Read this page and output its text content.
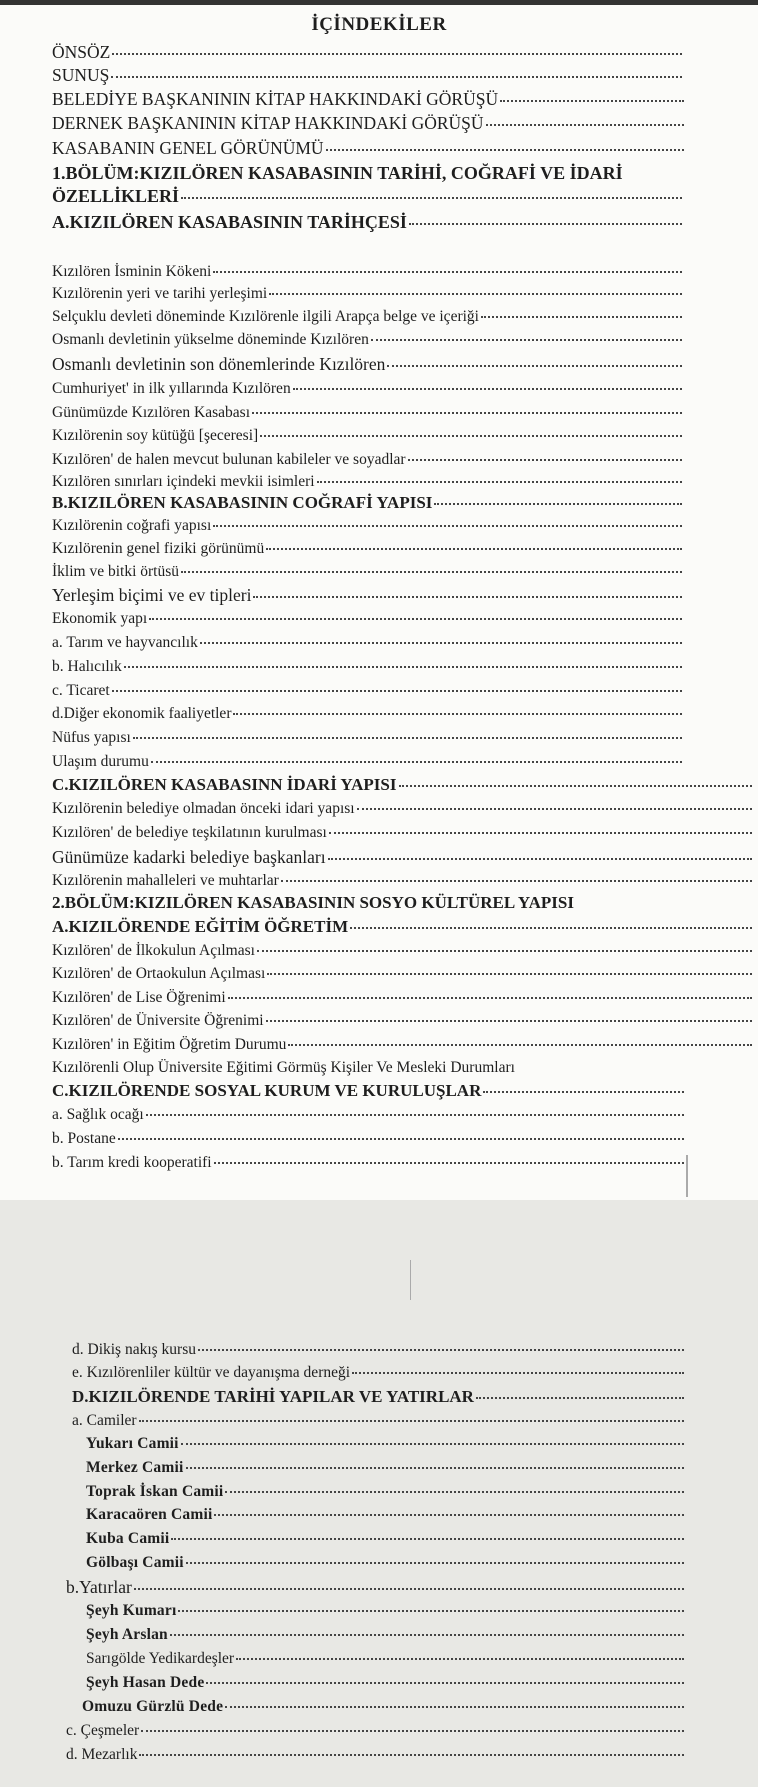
İÇİNDEKİLER
ÖNSÖZ
SUNUŞ
BELEDİYE BAŞKANININ KİTAP HAKKINDAKİ GÖRÜŞÜ
DERNEK BAŞKANININ KİTAP HAKKINDAKİ GÖRÜŞÜ
KASABANIN GENEL GÖRÜNÜMÜ
1.BÖLÜM:KIZILÖREN KASABASININ TARİHİ, COĞRAFİ VE İDARİ
ÖZELLİKLERİ
A.KIZILÖREN KASABASININ TARİHÇESİ
Kızılören İsminin Kökeni
Kızılörenin yeri ve tarihi yerleşimi
Selçuklu devleti döneminde Kızılörenle ilgili Arapça belge ve içeriği
Osmanlı devletinin yükselme döneminde Kızılören
Osmanlı devletinin son dönemlerinde Kızılören
Cumhuriyet' in ilk yıllarında Kızılören
Günümüzde Kızılören Kasabası
Kızılörenin soy kütüğü [şeceresi]
Kızılören' de halen mevcut bulunan kabileler ve soyadlar
Kızılören sınırları içindeki mevkii isimleri
B.KIZILÖREN KASABASININ COĞRAFİ YAPISI
Kızılörenin coğrafi yapısı
Kızılörenin genel fiziki görünümü
İklim ve bitki örtüsü
Yerleşim biçimi ve ev tipleri
Ekonomik yapı
a. Tarım ve hayvancılık
b. Halıcılık
c. Ticaret
d.Diğer ekonomik faaliyetler
Nüfus yapısı
Ulaşım durumu
C.KIZILÖREN KASABASINN İDARİ YAPISI
Kızılörenin belediye olmadan önceki idari yapısı
Kızılören' de belediye teşkilatının kurulması
Günümüze kadarki belediye başkanları
Kızılörenin mahalleleri ve muhtarlar
2.BÖLÜM:KIZILÖREN KASABASININ SOSYO KÜLTÜREL YAPISI
A.KIZILÖRENDE EĞİTİM ÖĞRETİM
Kızılören' de İlkokulun Açılması
Kızılören' de Ortaokulun Açılması
Kızılören' de Lise Öğrenimi
Kızılören' de Üniversite Öğrenimi
Kızılören' in Eğitim Öğretim Durumu
Kızılörenli Olup Üniversite Eğitimi Görmüş Kişiler Ve Mesleki Durumları
C.KIZILÖRENDE SOSYAL KURUM VE KURULUŞLAR
a. Sağlık ocağı
b. Postane
b. Tarım kredi kooperatifi
d. Dikiş nakış kursu
e. Kızılörenliler kültür ve dayanışma derneği
D.KIZILÖRENDE TARİHİ YAPILAR VE YATIRLAR
a. Camiler
Yukarı Camii
Merkez Camii
Toprak İskan Camii
Karacaören Camii
Kuba Camii
Gölbaşı Camii
b.Yatırlar
Şeyh Kumarı
Şeyh Arslan
Sarıgölde Yedikardeşler
Şeyh Hasan Dede
Omuzu Gürzlü Dede
c. Çeşmeler
d. Mezarlık
